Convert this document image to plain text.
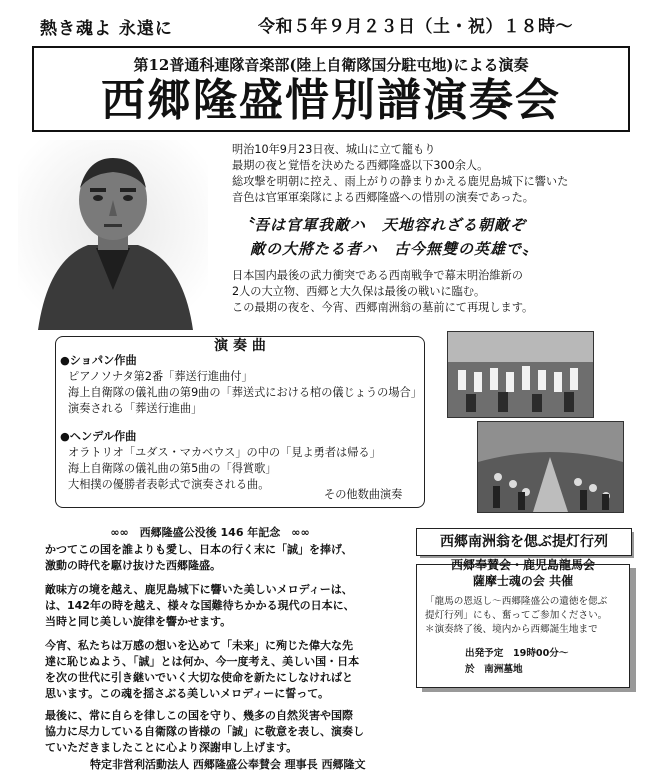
熱き魂よ 永遠に	令和５年９月２３日（土・祝）１８時～
第12普通科連隊音楽部(陸上自衛隊国分駐屯地)による演奏
西郷隆盛惜別譜演奏会
明治10年9月23日夜、城山に立て籠もり
最期の夜と覚悟を決めたる西郷隆盛以下300余人。
総攻撃を明朝に控え、雨上がりの静まりかえる鹿児島城下に響いた
音色は官軍軍楽隊による西郷隆盛への惜別の演奏であった。
〝吾は官軍我敵ハ　天地容れざる朝敵ぞ
敵の大將たる者ハ　古今無雙の英雄で〟
日本国内最後の武力衝突である西南戦争で幕末明治維新の
2人の大立物、西郷と大久保は最後の戦いに臨む。
この最期の夜を、今宵、西郷南洲翁の墓前にて再現します。
演 奏 曲
●ショパン作曲
ピアノソナタ第2番「葬送行進曲付」
海上自衛隊の儀礼曲の第9曲の「葬送式における棺の儀じょうの場合」
演奏される「葬送行進曲」
●ヘンデル作曲
オラトリオ「ユダス・マカベウス」の中の「見よ勇者は帰る」
海上自衛隊の儀礼曲の第5曲の「得賞歌」
大相撲の優勝者表彰式で演奏される曲。
その他数曲演奏
∞∞　西郷隆盛公没後 146 年記念　∞∞
かつてこの国を誰よりも愛し、日本の行く末に「誠」を捧げ、
激動の時代を駆け抜けた西郷隆盛。
敵味方の境を越え、鹿児島城下に響いた美しいメロディーは、
は、142年の時を越え、様々な国難待ちかかる現代の日本に、
当時と同じ美しい旋律を響かせます。
今宵、私たちは万感の想いを込めて「未来」に殉じた偉大な先
達に恥じぬよう、「誠」とは何か、今一度考え、美しい国・日本
を次の世代に引き継いでいく大切な使命を新たにしなければと
思います。この魂を揺さぶる美しいメロディーに誓って。
最後に、常に自らを律しこの国を守り、幾多の自然災害や国際
協力に尽力している自衛隊の皆様の「誠」に敬意を表し、演奏し
ていただきましたことに心より深謝申し上げます。
特定非営利活動法人 西郷隆盛公奉賛会 理事長 西郷隆文
西郷南洲翁を偲ぶ提灯行列
西郷奉賛会・鹿児島龍馬会
薩摩士魂の会 共催
「龍馬の恩返し～西郷隆盛公の遺徳を偲ぶ
提灯行列」にも、奮ってご参加ください。
＊演奏終了後、境内から西郷誕生地まで
出発予定　19時00分～
於　南洲墓地
